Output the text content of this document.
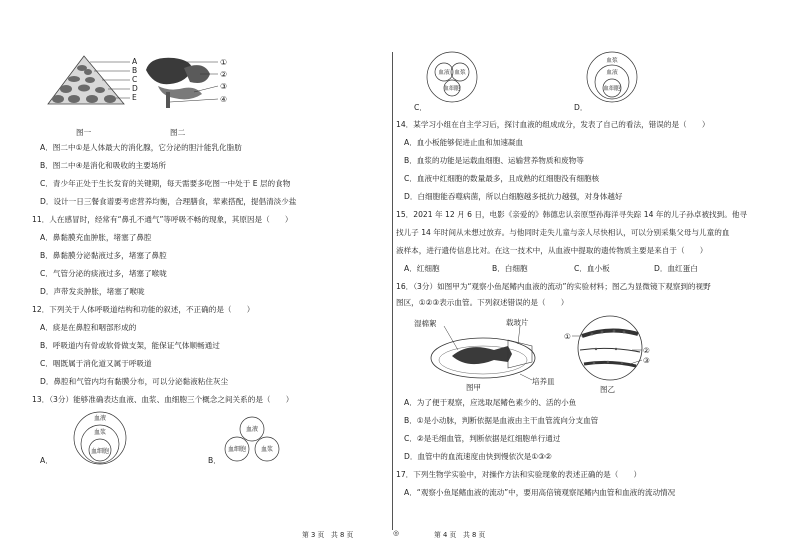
A
B
C
D
E
①
②
③
④
图一	图二
A．图二中①是人体最大的消化腺，它分泌的胆汁能乳化脂肪
B．图二中④是消化和吸收的主要场所
C．青少年正处于生长发育的关键期，每天需要多吃图一中处于 E 层的食物
D．设计一日三餐食谱要考虑营养均衡，合理膳食，荤素搭配，提倡清淡少盐
11．人在感冒时，经常有“鼻孔不通气”等呼吸不畅的现象，其原因是（　　）
A．鼻黏膜充血肿胀，堵塞了鼻腔
B．鼻黏膜分泌黏液过多，堵塞了鼻腔
C．气管分泌的痰液过多，堵塞了喉咙
D．声带发炎肿胀，堵塞了喉咙
12．下列关于人体呼吸道结构和功能的叙述，不正确的是（　　）
A．痰是在鼻腔和咽部形成的
B．呼吸道内有骨或软骨做支架，能保证气体顺畅通过
C．咽既属于消化道又属于呼吸道
D．鼻腔和气管内均有黏膜分布，可以分泌黏液粘住灰尘
13．（3分）能够准确表达血液、血浆、血细胞三个概念之间关系的是（　　）
血液
血浆
血细胞
A．
血液
血细胞 血浆
B．
血液 血浆
血细胞
C．
血浆
血液
血细胞
D．
14．某学习小组在自主学习后，探讨血液的组成成分，发表了自己的看法，错误的是（　　）
A．血小板能够促进止血和加速凝血
B．血浆的功能是运载血细胞、运输营养物质和废物等
C．血液中红细胞的数量最多，且成熟的红细胞没有细胞核
D．白细胞能吞噬病菌，所以白细胞越多抵抗力越强，对身体越好
15．2021 年 12 月 6 日，电影《亲爱的》韩德忠认亲原型孙海洋寻失踪 14 年的儿子孙卓被找到。他寻
找儿子 14 年时间从未想过放弃。与他同时走失儿童与亲人尽快相认，可以分别采集父母与儿童的血
液样本，进行遗传信息比对。在这一技术中，从血液中提取的遗传物质主要是来自于（　　）
A．红细胞	B．白细胞	C．血小板	D．血红蛋白
16．（3分）如图甲为“观察小鱼尾鳍内血液的流动”的实验材料；图乙为显微镜下观察到的视野
图区，①②③表示血管。下列叙述错误的是（　　）
湿棉絮	载玻片
培养皿
图甲
①
②
③
图乙
A．为了便于观察，应选取尾鳍色素少的、活的小鱼
B．①是小动脉，判断依据是血液由主干血管流向分支血管
C．②是毛细血管，判断依据是红细胞单行通过
D．血管中的血流速度由快到慢依次是①③②
17．下列生物学实验中，对操作方法和实验现象的表述正确的是（　　）
A．“观察小鱼尾鳍血液的流动”中，要用高倍镜观察尾鳍内血管和血液的流动情况
第 3 页　共 8 页	◎	第 4 页　共 8 页
